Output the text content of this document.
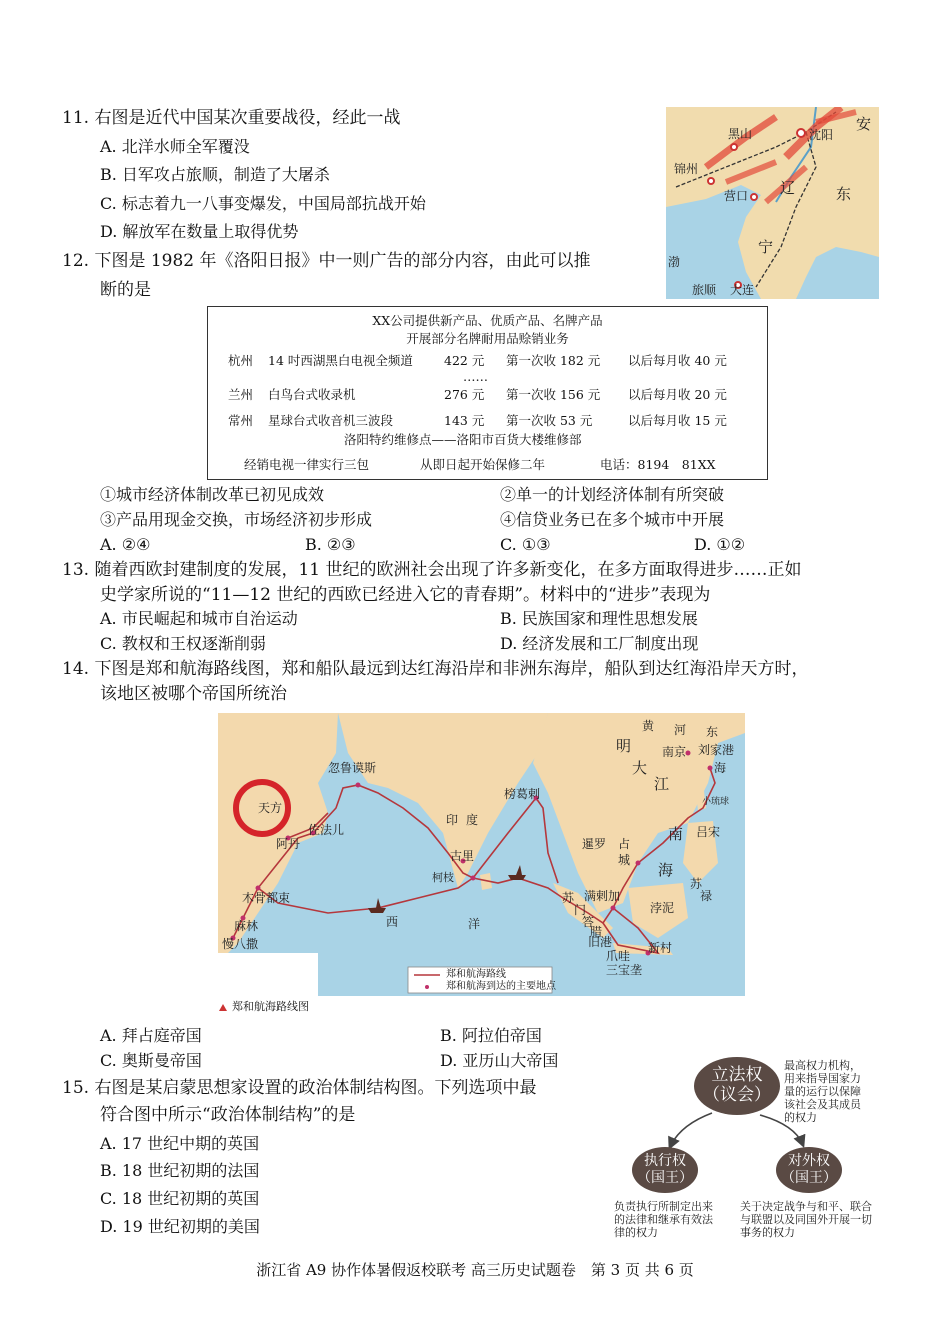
11. 右图是近代中国某次重要战役，经此一战
A. 北洋水师全军覆没
B. 日军攻占旅顺，制造了大屠杀
C. 标志着九一八事变爆发，中国局部抗战开始
D. 解放军在数量上取得优势
黑山	沈阳
安
锦州
营口 辽	东
宁
渤
旅顺 大连
12. 下图是 1982 年《洛阳日报》中一则广告的部分内容，由此可以推
断的是
XX公司提供新产品、优质产品、名牌产品
开展部分名牌耐用品赊销业务
杭州 14 吋西湖黑白电视全频道 422 元 第一次收 182 元 以后每月收 40 元
……
兰州 白鸟台式收录机	276 元 第一次收 156 元 以后每月收 20 元
常州 星球台式收音机三波段	143 元 第一次收 53 元	以后每月收 15 元
洛阳特约维修点——洛阳市百货大楼维修部
经销电视一律实行三包	从即日起开始保修二年	电话：8194　81XX
①城市经济体制改革已初见成效	②单一的计划经济体制有所突破
③产品用现金交换，市场经济初步形成	④信贷业务已在多个城市中开展
A. ②④	B. ②③	C. ①③	D. ①②
13. 随着西欧封建制度的发展，11 世纪的欧洲社会出现了许多新变化，在多方面取得进步……正如
史学家所说的“11—12 世纪的西欧已经进入它的青春期”。材料中的“进步”表现为
A. 市民崛起和城市自治运动	B. 民族国家和理性思想发展
C. 教权和王权逐渐削弱	D. 经济发展和工厂制度出现
14. 下图是郑和航海路线图，郑和船队最远到达红海沿岸和非洲东海岸，船队到达红海沿岸天方时，
该地区被哪个帝国所统治
黄 河 东
明	南京 刘家港
大	海
江
小琉球
忽鲁谟斯
天方
榜葛剌
印 度
佐法儿
阿丹
古里
柯枝
暹罗 占
城
南
海
吕宋
苏
禄
木骨都束
麻林
慢八撒
西	洋
苏
门
答
腊
满剌加
浡泥
旧港
爪哇
三宝垄
新村
郑和航海路线
郑和航海到达的主要地点
郑和航海路线图
A. 拜占庭帝国	B. 阿拉伯帝国
C. 奥斯曼帝国	D. 亚历山大帝国
15. 右图是某启蒙思想家设置的政治体制结构图。下列选项中最
符合图中所示“政治体制结构”的是
A. 17 世纪中期的英国
B. 18 世纪初期的法国
C. 18 世纪初期的英国
D. 19 世纪初期的美国
立法权
（议会）
执行权
（国王）
对外权
（国王）
最高权力机构，
用来指导国家力
量的运行以保障
该社会及其成员
的权力
负责执行所制定出来
的法律和继承有效法
律的权力
关于决定战争与和平、联合
与联盟以及同国外开展一切
事务的权力
浙江省 A9 协作体暑假返校联考 高三历史试题卷　第 3 页 共 6 页
